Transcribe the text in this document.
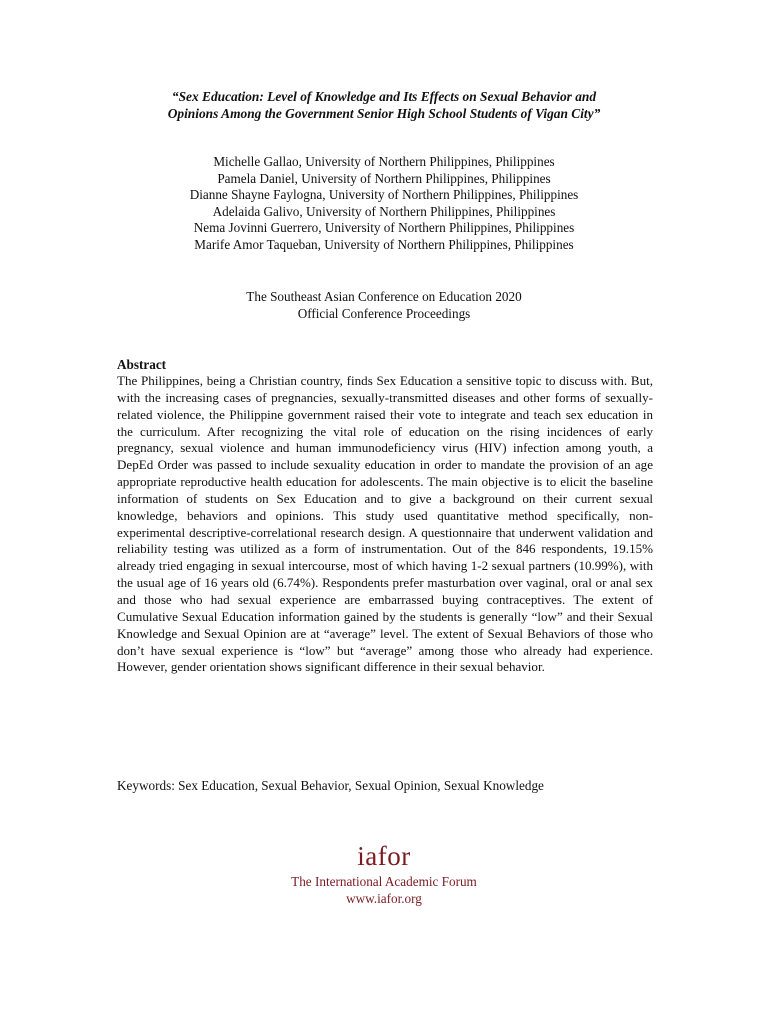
“Sex Education: Level of Knowledge and Its Effects on Sexual Behavior and
Opinions Among the Government Senior High School Students of Vigan City”
Michelle Gallao, University of Northern Philippines, Philippines
Pamela Daniel, University of Northern Philippines, Philippines
Dianne Shayne Faylogna, University of Northern Philippines, Philippines
Adelaida Galivo, University of Northern Philippines, Philippines
Nema Jovinni Guerrero, University of Northern Philippines, Philippines
Marife Amor Taqueban, University of Northern Philippines, Philippines
The Southeast Asian Conference on Education 2020
Official Conference Proceedings
Abstract
The Philippines, being a Christian country, finds Sex Education a sensitive topic to discuss with. But, with the increasing cases of pregnancies, sexually-transmitted diseases and other forms of sexually-related violence, the Philippine government raised their vote to integrate and teach sex education in the curriculum. After recognizing the vital role of education on the rising incidences of early pregnancy, sexual violence and human immunodeficiency virus (HIV) infection among youth, a DepEd Order was passed to include sexuality education in order to mandate the provision of an age appropriate reproductive health education for adolescents. The main objective is to elicit the baseline information of students on Sex Education and to give a background on their current sexual knowledge, behaviors and opinions. This study used quantitative method specifically, non-experimental descriptive-correlational research design. A questionnaire that underwent validation and reliability testing was utilized as a form of instrumentation. Out of the 846 respondents, 19.15% already tried engaging in sexual intercourse, most of which having 1-2 sexual partners (10.99%), with the usual age of 16 years old (6.74%). Respondents prefer masturbation over vaginal, oral or anal sex and those who had sexual experience are embarrassed buying contraceptives. The extent of Cumulative Sexual Education information gained by the students is generally “low” and their Sexual Knowledge and Sexual Opinion are at “average” level. The extent of Sexual Behaviors of those who don’t have sexual experience is “low” but “average” among those who already had experience. However, gender orientation shows significant difference in their sexual behavior.
Keywords: Sex Education, Sexual Behavior, Sexual Opinion, Sexual Knowledge
iafor
The International Academic Forum
www.iafor.org
